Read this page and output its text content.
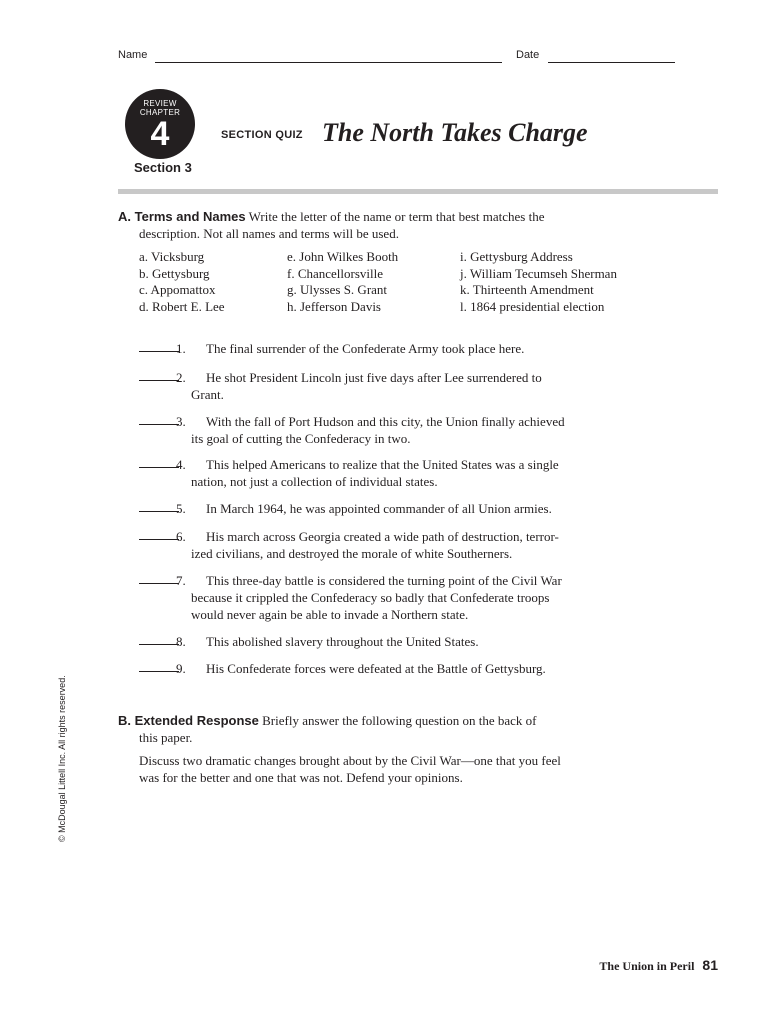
Name	Date
REVIEW
CHAPTER
4
Section 3
SECTION QUIZ The North Takes Charge
A. Terms and Names Write the letter of the name or term that best matches the
description. Not all names and terms will be used.
a. Vicksburg
b. Gettysburg
c. Appomattox
d. Robert E. Lee
e. John Wilkes Booth
f. Chancellorsville
g. Ulysses S. Grant
h. Jefferson Davis
i. Gettysburg Address
j. William Tecumseh Sherman
k. Thirteenth Amendment
l. 1864 presidential election
1. The final surrender of the Confederate Army took place here.
2. He shot President Lincoln just five days after Lee surrendered to
Grant.
3. With the fall of Port Hudson and this city, the Union finally achieved
its goal of cutting the Confederacy in two.
4. This helped Americans to realize that the United States was a single
nation, not just a collection of individual states.
5. In March 1964, he was appointed commander of all Union armies.
6. His march across Georgia created a wide path of destruction, terror-
ized civilians, and destroyed the morale of white Southerners.
7. This three-day battle is considered the turning point of the Civil War
because it crippled the Confederacy so badly that Confederate troops
would never again be able to invade a Northern state.
8. This abolished slavery throughout the United States.
9. His Confederate forces were defeated at the Battle of Gettysburg.
B. Extended Response Briefly answer the following question on the back of
this paper.
Discuss two dramatic changes brought about by the Civil War—one that you feel
was for the better and one that was not. Defend your opinions.
© McDougal Littell Inc. All rights reserved.
The Union in Peril 81
